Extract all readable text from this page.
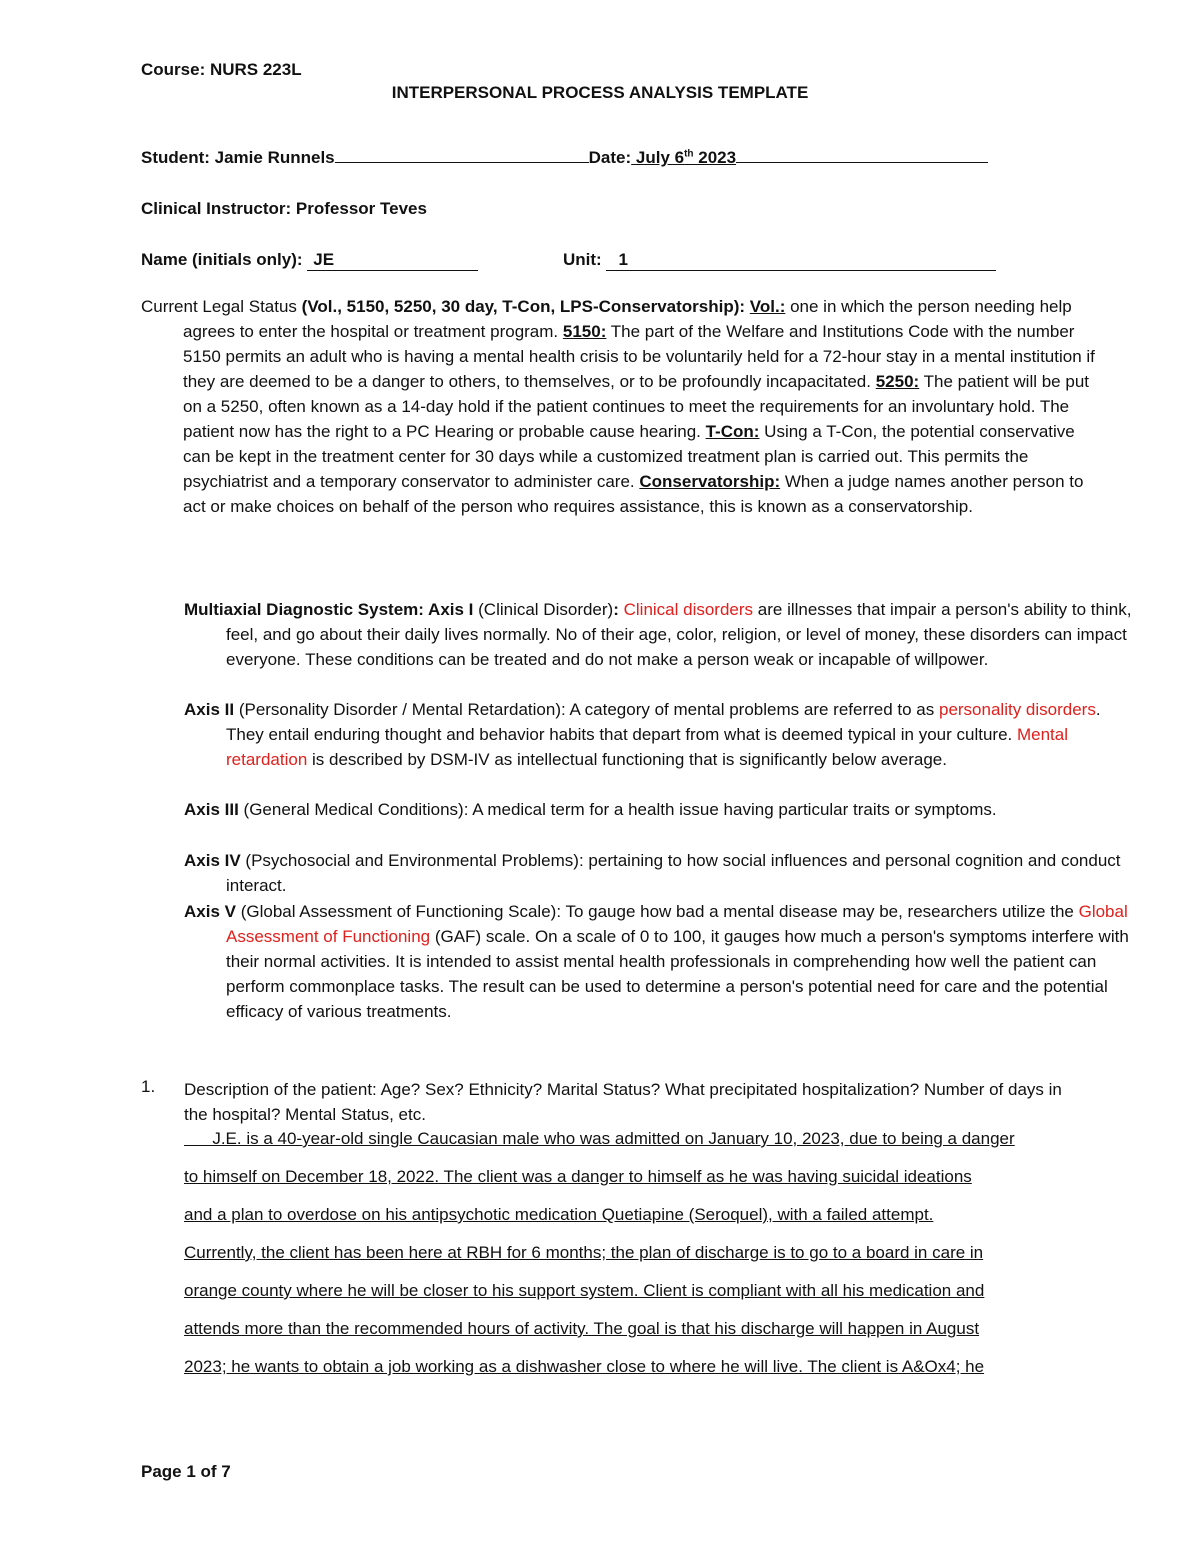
Course: NURS 223L
INTERPERSONAL PROCESS ANALYSIS TEMPLATE
Student: Jamie Runnels	Date: July 6th 2023
Clinical Instructor: Professor Teves
Name (initials only): JE	Unit: 1
Current Legal Status (Vol., 5150, 5250, 30 day, T-Con, LPS-Conservatorship): Vol.: one in which the person needing help agrees to enter the hospital or treatment program. 5150: The part of the Welfare and Institutions Code with the number 5150 permits an adult who is having a mental health crisis to be voluntarily held for a 72-hour stay in a mental institution if they are deemed to be a danger to others, to themselves, or to be profoundly incapacitated. 5250: The patient will be put on a 5250, often known as a 14-day hold if the patient continues to meet the requirements for an involuntary hold. The patient now has the right to a PC Hearing or probable cause hearing. T-Con: Using a T-Con, the potential conservative can be kept in the treatment center for 30 days while a customized treatment plan is carried out. This permits the psychiatrist and a temporary conservator to administer care. Conservatorship: When a judge names another person to act or make choices on behalf of the person who requires assistance, this is known as a conservatorship.
Multiaxial Diagnostic System: Axis I (Clinical Disorder): Clinical disorders are illnesses that impair a person's ability to think, feel, and go about their daily lives normally. No of their age, color, religion, or level of money, these disorders can impact everyone. These conditions can be treated and do not make a person weak or incapable of willpower.
Axis II (Personality Disorder / Mental Retardation): A category of mental problems are referred to as personality disorders. They entail enduring thought and behavior habits that depart from what is deemed typical in your culture. Mental retardation is described by DSM-IV as intellectual functioning that is significantly below average.
Axis III (General Medical Conditions): A medical term for a health issue having particular traits or symptoms.
Axis IV (Psychosocial and Environmental Problems): pertaining to how social influences and personal cognition and conduct interact.
Axis V (Global Assessment of Functioning Scale): To gauge how bad a mental disease may be, researchers utilize the Global Assessment of Functioning (GAF) scale. On a scale of 0 to 100, it gauges how much a person's symptoms interfere with their normal activities. It is intended to assist mental health professionals in comprehending how well the patient can perform commonplace tasks. The result can be used to determine a person's potential need for care and the potential efficacy of various treatments.
1. Description of the patient: Age? Sex? Ethnicity? Marital Status? What precipitated hospitalization? Number of days in the hospital? Mental Status, etc.
J.E. is a 40-year-old single Caucasian male who was admitted on January 10, 2023, due to being a danger
to himself on December 18, 2022. The client was a danger to himself as he was having suicidal ideations
and a plan to overdose on his antipsychotic medication Quetiapine (Seroquel), with a failed attempt.
Currently, the client has been here at RBH for 6 months; the plan of discharge is to go to a board in care in
orange county where he will be closer to his support system. Client is compliant with all his medication and
attends more than the recommended hours of activity. The goal is that his discharge will happen in August
2023; he wants to obtain a job working as a dishwasher close to where he will live. The client is A&Ox4; he
Page 1 of 7
